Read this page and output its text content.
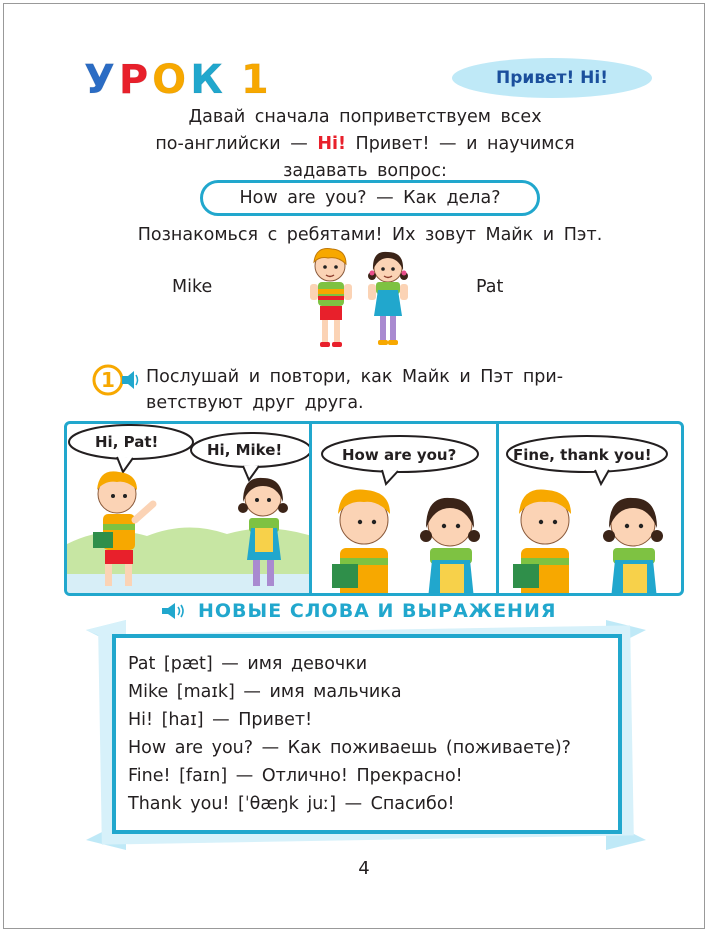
У Р О К
1	Привет! Hi!
Давай сначала поприветствуем всех
по-английски — Hi! Привет! — и научимся
задавать вопрос:
How are you? — Как дела?
Познакомься с ребятами! Их зовут Майк и Пэт.
Mike	Pat
1 Послушай и повтори, как Майк и Пэт при-ветствуют друг друга.
Hi, Pat!	Hi, Mike!	How are you?	Fine, thank you!
НОВЫЕ СЛОВА И ВЫРАЖЕНИЯ
Pat [pæt] — имя девочки
Mike [maɪk] — имя мальчика
Hi! [haɪ] — Привет!
How are you? — Как поживаешь (поживаете)?
Fine! [faɪn] — Отлично! Прекрасно!
Thank you! [ˈθæŋk juː] — Спасибо!
4
